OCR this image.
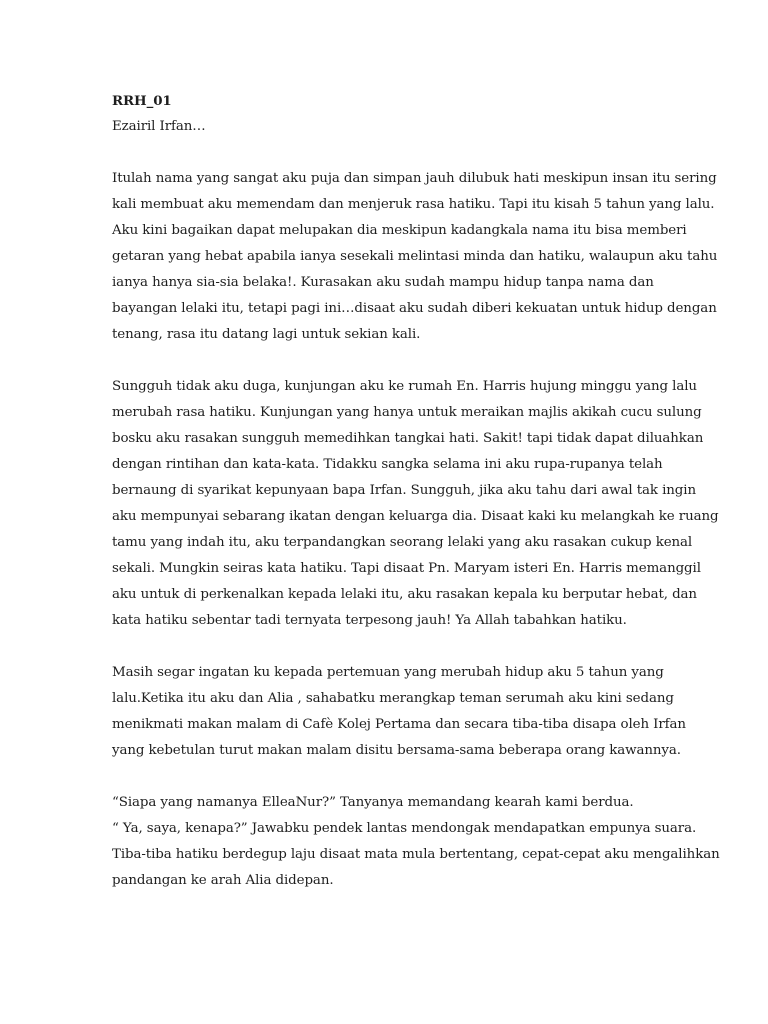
RRH_01
Ezairil Irfan…
Itulah nama yang sangat aku puja dan simpan jauh dilubuk hati meskipun insan itu sering
kali membuat aku memendam dan menjeruk rasa hatiku. Tapi itu kisah 5 tahun yang lalu.
Aku kini bagaikan dapat melupakan dia meskipun kadangkala nama itu bisa memberi
getaran yang hebat apabila ianya sesekali melintasi minda dan hatiku, walaupun aku tahu
ianya hanya sia-sia belaka!. Kurasakan aku sudah mampu hidup tanpa nama dan
bayangan lelaki itu, tetapi pagi ini…disaat aku sudah diberi kekuatan untuk hidup dengan
tenang, rasa itu datang lagi untuk sekian kali.
Sungguh tidak aku duga, kunjungan aku ke rumah En. Harris hujung minggu yang lalu
merubah rasa hatiku. Kunjungan yang hanya untuk meraikan majlis akikah cucu sulung
bosku aku rasakan sungguh memedihkan tangkai hati. Sakit! tapi tidak dapat diluahkan
dengan rintihan dan kata-kata. Tidakku sangka selama ini aku rupa-rupanya telah
bernaung di syarikat kepunyaan bapa Irfan. Sungguh, jika aku tahu dari awal tak ingin
aku mempunyai sebarang ikatan dengan keluarga dia. Disaat kaki ku melangkah ke ruang
tamu yang indah itu, aku terpandangkan seorang lelaki yang aku rasakan cukup kenal
sekali. Mungkin seiras kata hatiku. Tapi disaat Pn. Maryam isteri En. Harris memanggil
aku untuk di perkenalkan kepada lelaki itu, aku rasakan kepala ku berputar hebat, dan
kata hatiku sebentar tadi ternyata terpesong jauh! Ya Allah tabahkan hatiku.
Masih segar ingatan ku kepada pertemuan yang merubah hidup aku 5 tahun yang
lalu.Ketika itu aku dan Alia , sahabatku merangkap teman serumah aku kini sedang
menikmati makan malam di Cafè Kolej Pertama dan secara tiba-tiba disapa oleh Irfan
yang kebetulan turut makan malam disitu bersama-sama beberapa orang kawannya.
“Siapa yang namanya ElleaNur?” Tanyanya memandang kearah kami berdua.
“ Ya, saya, kenapa?” Jawabku pendek lantas mendongak mendapatkan empunya suara.
Tiba-tiba hatiku berdegup laju disaat mata mula bertentang, cepat-cepat aku mengalihkan
pandangan ke arah Alia didepan.
